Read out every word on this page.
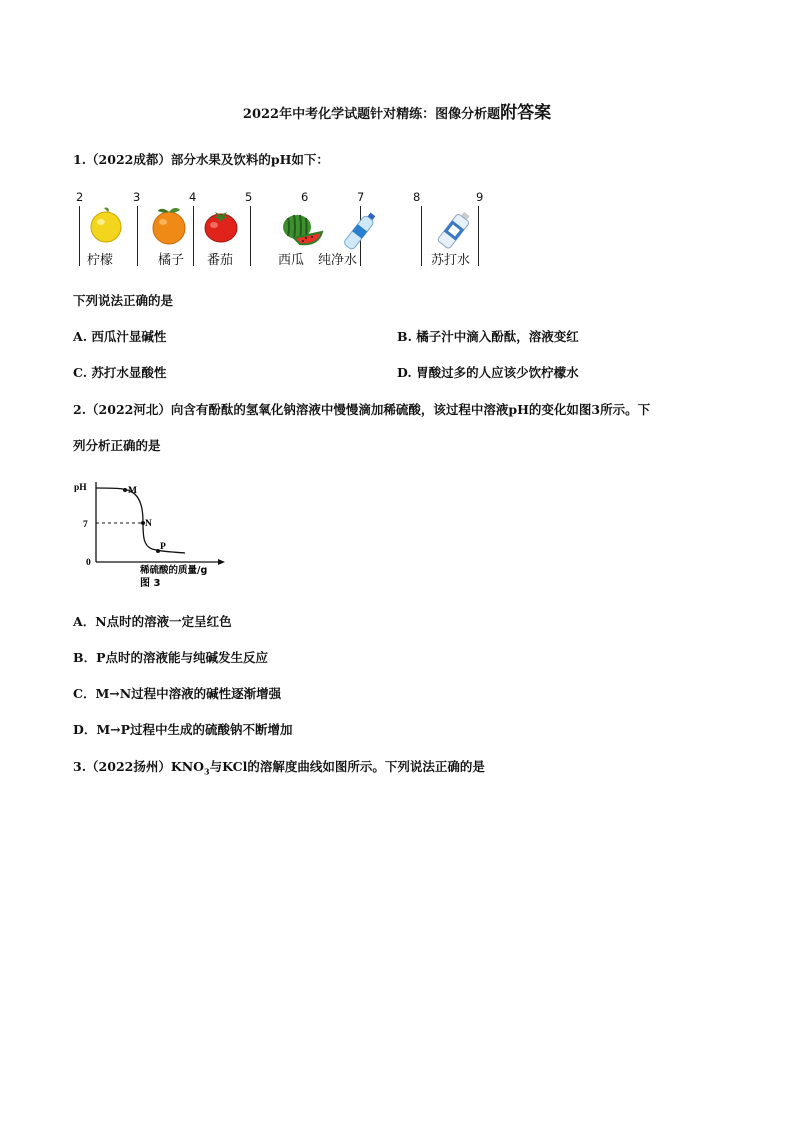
2022年中考化学试题针对精练：图像分析题附答案
1.（2022成都）部分水果及饮料的pH如下：
2	3	4	5	6	7	8	9
柠檬	橘子 番茄	西瓜 纯净水	苏打水
下列说法正确的是
A. 西瓜汁显碱性	B. 橘子汁中滴入酚酞，溶液变红
C. 苏打水显酸性	D. 胃酸过多的人应该少饮柠檬水
2.（2022河北）向含有酚酞的氢氧化钠溶液中慢慢滴加稀硫酸，该过程中溶液pH的变化如图3所示。下
列分析正确的是
pH
7
0
M
N
P
稀硫酸的质量/g
图 3
A．N点时的溶液一定呈红色
B．P点时的溶液能与纯碱发生反应
C．M→N过程中溶液的碱性逐渐增强
D．M→P过程中生成的硫酸钠不断增加
3.（2022扬州）$KNO_3$与KCl的溶解度曲线如图所示。下列说法正确的是
